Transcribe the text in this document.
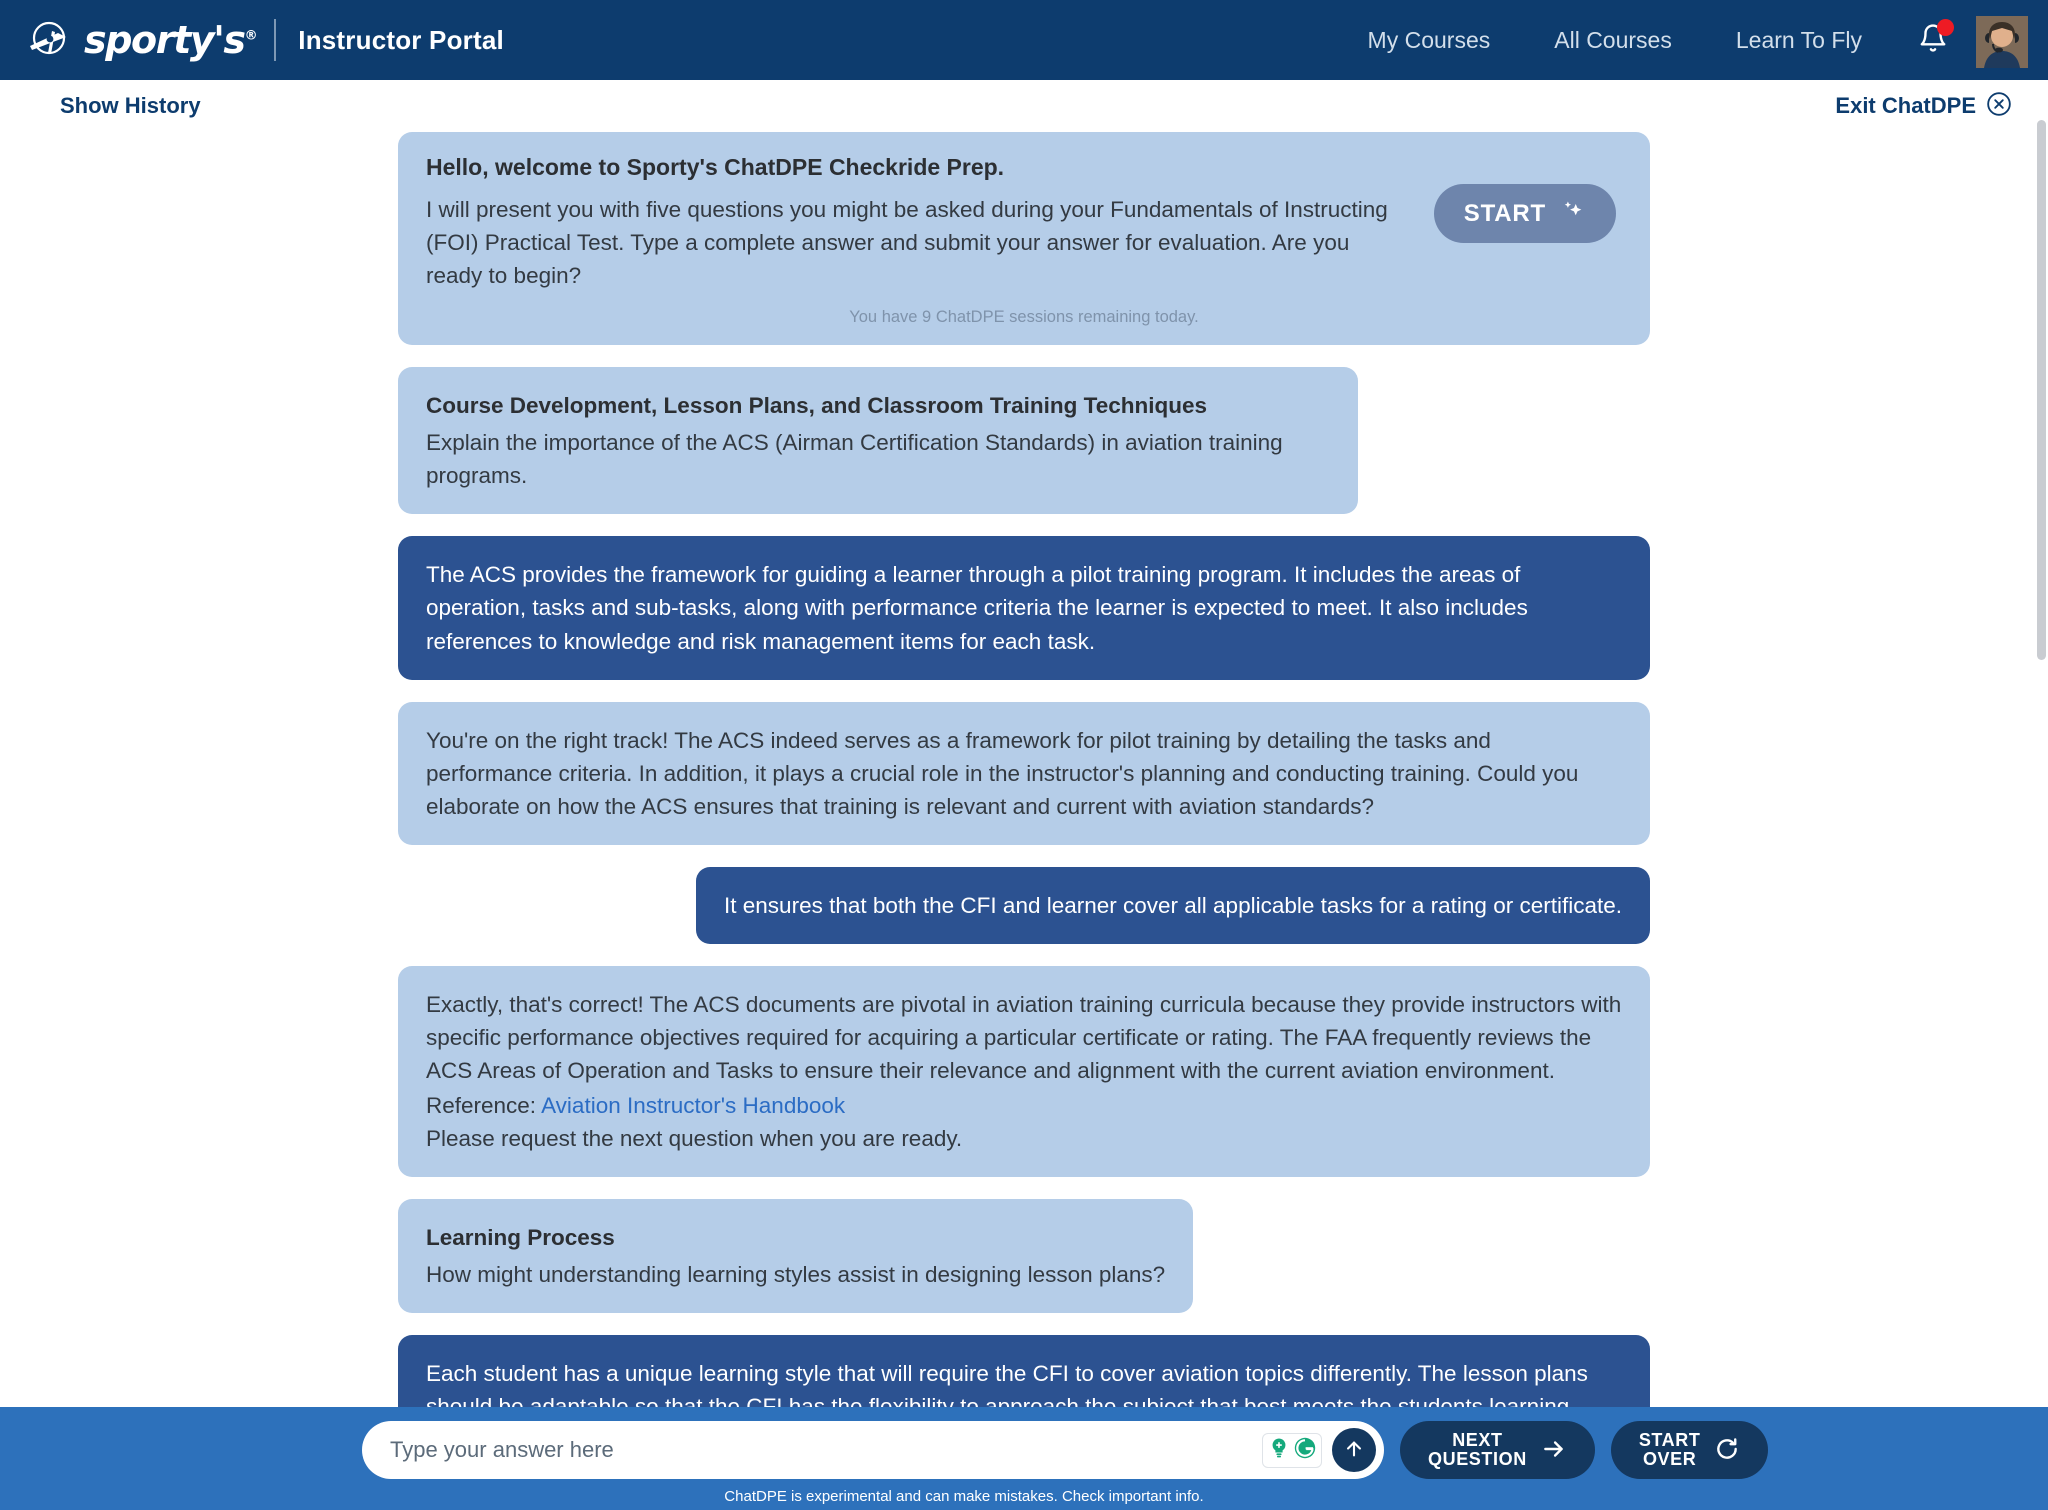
sporty's® Instructor Portal	My Courses	All Courses	Learn To Fly
Show History	Exit ChatDPE
Hello, welcome to Sporty's ChatDPE Checkride Prep.
I will present you with five questions you might be asked during your Fundamentals of Instructing (FOI) Practical Test. Type a complete answer and submit your answer for evaluation. Are you ready to begin?
START
You have 9 ChatDPE sessions remaining today.
Course Development, Lesson Plans, and Classroom Training Techniques
Explain the importance of the ACS (Airman Certification Standards) in aviation training programs.
The ACS provides the framework for guiding a learner through a pilot training program. It includes the areas of operation, tasks and sub-tasks, along with performance criteria the learner is expected to meet. It also includes references to knowledge and risk management items for each task.
You're on the right track! The ACS indeed serves as a framework for pilot training by detailing the tasks and performance criteria. In addition, it plays a crucial role in the instructor's planning and conducting training. Could you elaborate on how the ACS ensures that training is relevant and current with aviation standards?
It ensures that both the CFI and learner cover all applicable tasks for a rating or certificate.
Exactly, that's correct! The ACS documents are pivotal in aviation training curricula because they provide instructors with specific performance objectives required for acquiring a particular certificate or rating. The FAA frequently reviews the ACS Areas of Operation and Tasks to ensure their relevance and alignment with the current aviation environment.
Reference: Aviation Instructor's Handbook
Please request the next question when you are ready.
Learning Process
How might understanding learning styles assist in designing lesson plans?
Each student has a unique learning style that will require the CFI to cover aviation topics differently. The lesson plans
Type your answer here
NEXT
QUESTION
START
OVER
ChatDPE is experimental and can make mistakes. Check important info.
